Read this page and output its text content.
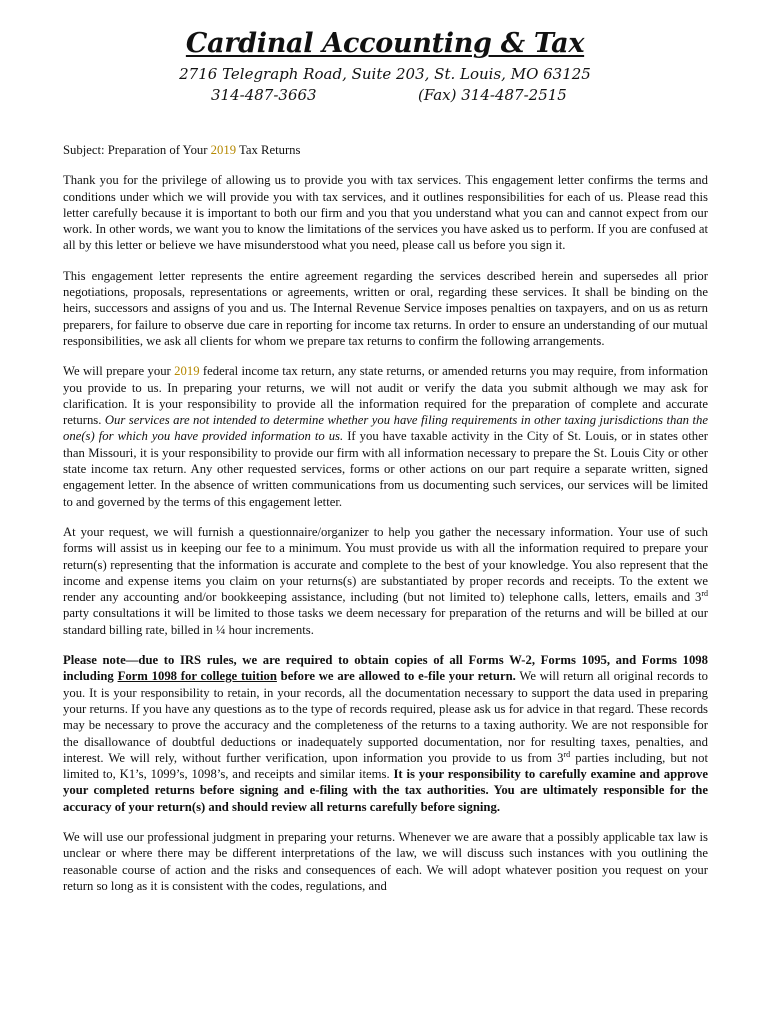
Cardinal Accounting & Tax
2716 Telegraph Road, Suite 203, St. Louis, MO 63125
314-487-3663	(Fax) 314-487-2515

Subject: Preparation of Your 2019 Tax Returns

Thank you for the privilege of allowing us to provide you with tax services. This engagement letter confirms the terms and conditions under which we will provide you with tax services, and it outlines responsibilities for each of us. Please read this letter carefully because it is important to both our firm and you that you understand what you can and cannot expect from our work. In other words, we want you to know the limitations of the services you have asked us to perform. If you are confused at all by this letter or believe we have misunderstood what you need, please call us before you sign it.

This engagement letter represents the entire agreement regarding the services described herein and supersedes all prior negotiations, proposals, representations or agreements, written or oral, regarding these services. It shall be binding on the heirs, successors and assigns of you and us. The Internal Revenue Service imposes penalties on taxpayers, and on us as return preparers, for failure to observe due care in reporting for income tax returns. In order to ensure an understanding of our mutual responsibilities, we ask all clients for whom we prepare tax returns to confirm the following arrangements.

We will prepare your 2019 federal income tax return, any state returns, or amended returns you may require, from information you provide to us. In preparing your returns, we will not audit or verify the data you submit although we may ask for clarification. It is your responsibility to provide all the information required for the preparation of complete and accurate returns. Our services are not intended to determine whether you have filing requirements in other taxing jurisdictions than the one(s) for which you have provided information to us. If you have taxable activity in the City of St. Louis, or in states other than Missouri, it is your responsibility to provide our firm with all information necessary to prepare the St. Louis City or other state income tax return. Any other requested services, forms or other actions on our part require a separate written, signed engagement letter. In the absence of written communications from us documenting such services, our services will be limited to and governed by the terms of this engagement letter.

At your request, we will furnish a questionnaire/organizer to help you gather the necessary information. Your use of such forms will assist us in keeping our fee to a minimum. You must provide us with all the information required to prepare your return(s) representing that the information is accurate and complete to the best of your knowledge. You also represent that the income and expense items you claim on your returns(s) are substantiated by proper records and receipts. To the extent we render any accounting and/or bookkeeping assistance, including (but not limited to) telephone calls, letters, emails and 3rd party consultations it will be limited to those tasks we deem necessary for preparation of the returns and will be billed at our standard billing rate, billed in ¼ hour increments.

Please note—due to IRS rules, we are required to obtain copies of all Forms W-2, Forms 1095, and Forms 1098 including Form 1098 for college tuition before we are allowed to e-file your return. We will return all original records to you. It is your responsibility to retain, in your records, all the documentation necessary to support the data used in preparing your returns. If you have any questions as to the type of records required, please ask us for advice in that regard. These records may be necessary to prove the accuracy and the completeness of the returns to a taxing authority. We are not responsible for the disallowance of doubtful deductions or inadequately supported documentation, nor for resulting taxes, penalties, and interest. We will rely, without further verification, upon information you provide to us from 3rd parties including, but not limited to, K1’s, 1099’s, 1098’s, and receipts and similar items. It is your responsibility to carefully examine and approve your completed returns before signing and e-filing with the tax authorities. You are ultimately responsible for the accuracy of your return(s) and should review all returns carefully before signing.

We will use our professional judgment in preparing your returns. Whenever we are aware that a possibly applicable tax law is unclear or where there may be different interpretations of the law, we will discuss such instances with you outlining the reasonable course of action and the risks and consequences of each. We will adopt whatever position you request on your return so long as it is consistent with the codes, regulations, and
